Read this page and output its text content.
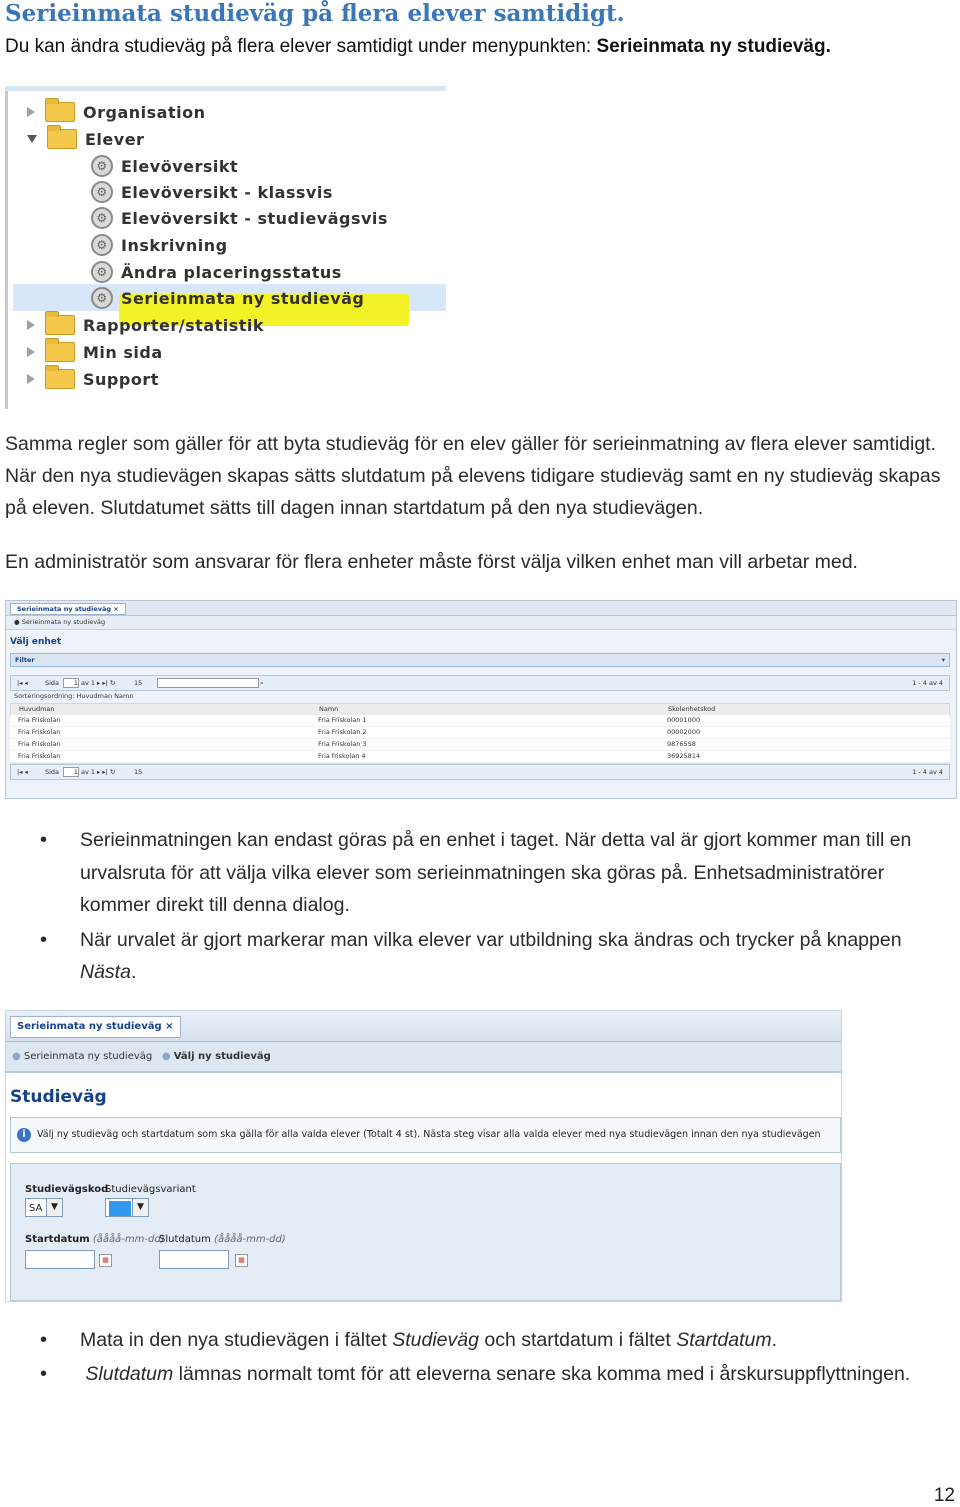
Serieinmata studieväg på flera elever samtidigt.
Du kan ändra studieväg på flera elever samtidigt under menypunkten: Serieinmata ny studieväg.
Organisation
Elever
⚙ Elevöversikt
⚙ Elevöversikt - klassvis
⚙ Elevöversikt - studievägsvis
⚙ Inskrivning
⚙ Ändra placeringsstatus
⚙ Serieinmata ny studieväg
Rapporter/statistik
Min sida
Support
Samma regler som gäller för att byta studieväg för en elev gäller för serieinmatning av flera elever samtidigt. När den nya studievägen skapas sätts slutdatum på elevens tidigare studieväg samt en ny studieväg skapas på eleven. Slutdatumet sätts till dagen innan startdatum på den nya studievägen.
En administratör som ansvarar för flera enheter måste först välja vilken enhet man vill arbetar med.
Serieinmata ny studieväg ×
● Serieinmata ny studieväg
Välj enhet
Filter	▾
|◂ ◂	Sida	1 av 1 ▸ ▸| ↻	15	⌕	1 - 4 av 4
Sorteringsordning: Huvudman Namn
Huvudman	Namn	Skolenhetskod
Fria Friskolan	Fria Friskolan 1	00001000
Fria Friskolan	Fria Friskolan 2	00002000
Fria Friskolan	Fria Friskolan 3	98765S8
Fria Friskolan	Fria friskolan 4	36925814
|◂ ◂	Sida	1 av 1 ▸ ▸| ↻	15	1 - 4 av 4
• Serieinmatningen kan endast göras på en enhet i taget. När detta val är gjort kommer man till en urvalsruta för att välja vilka elever som serieinmatningen ska göras på. Enhetsadministratörer kommer direkt till denna dialog.
• När urvalet är gjort markerar man vilka elever var utbildning ska ändras och trycker på knappen Nästa.
Serieinmata ny studieväg ×
● Serieinmata ny studieväg ● Välj ny studieväg
Studieväg
i	Välj ny studieväg och startdatum som ska gälla för alla valda elever (Totalt 4 st). Nästa steg visar alla valda elever med nya studievägen innan den nya studievägen
Studievägskod
SA ▼
Studievägsvariant
▼
Startdatum (åååå-mm-dd)
▦
Slutdatum (åååå-mm-dd)
▦
• Mata in den nya studievägen i fältet Studieväg och startdatum i fältet Startdatum.
• Slutdatum lämnas normalt tomt för att eleverna senare ska komma med i årskursuppflyttningen.
12
